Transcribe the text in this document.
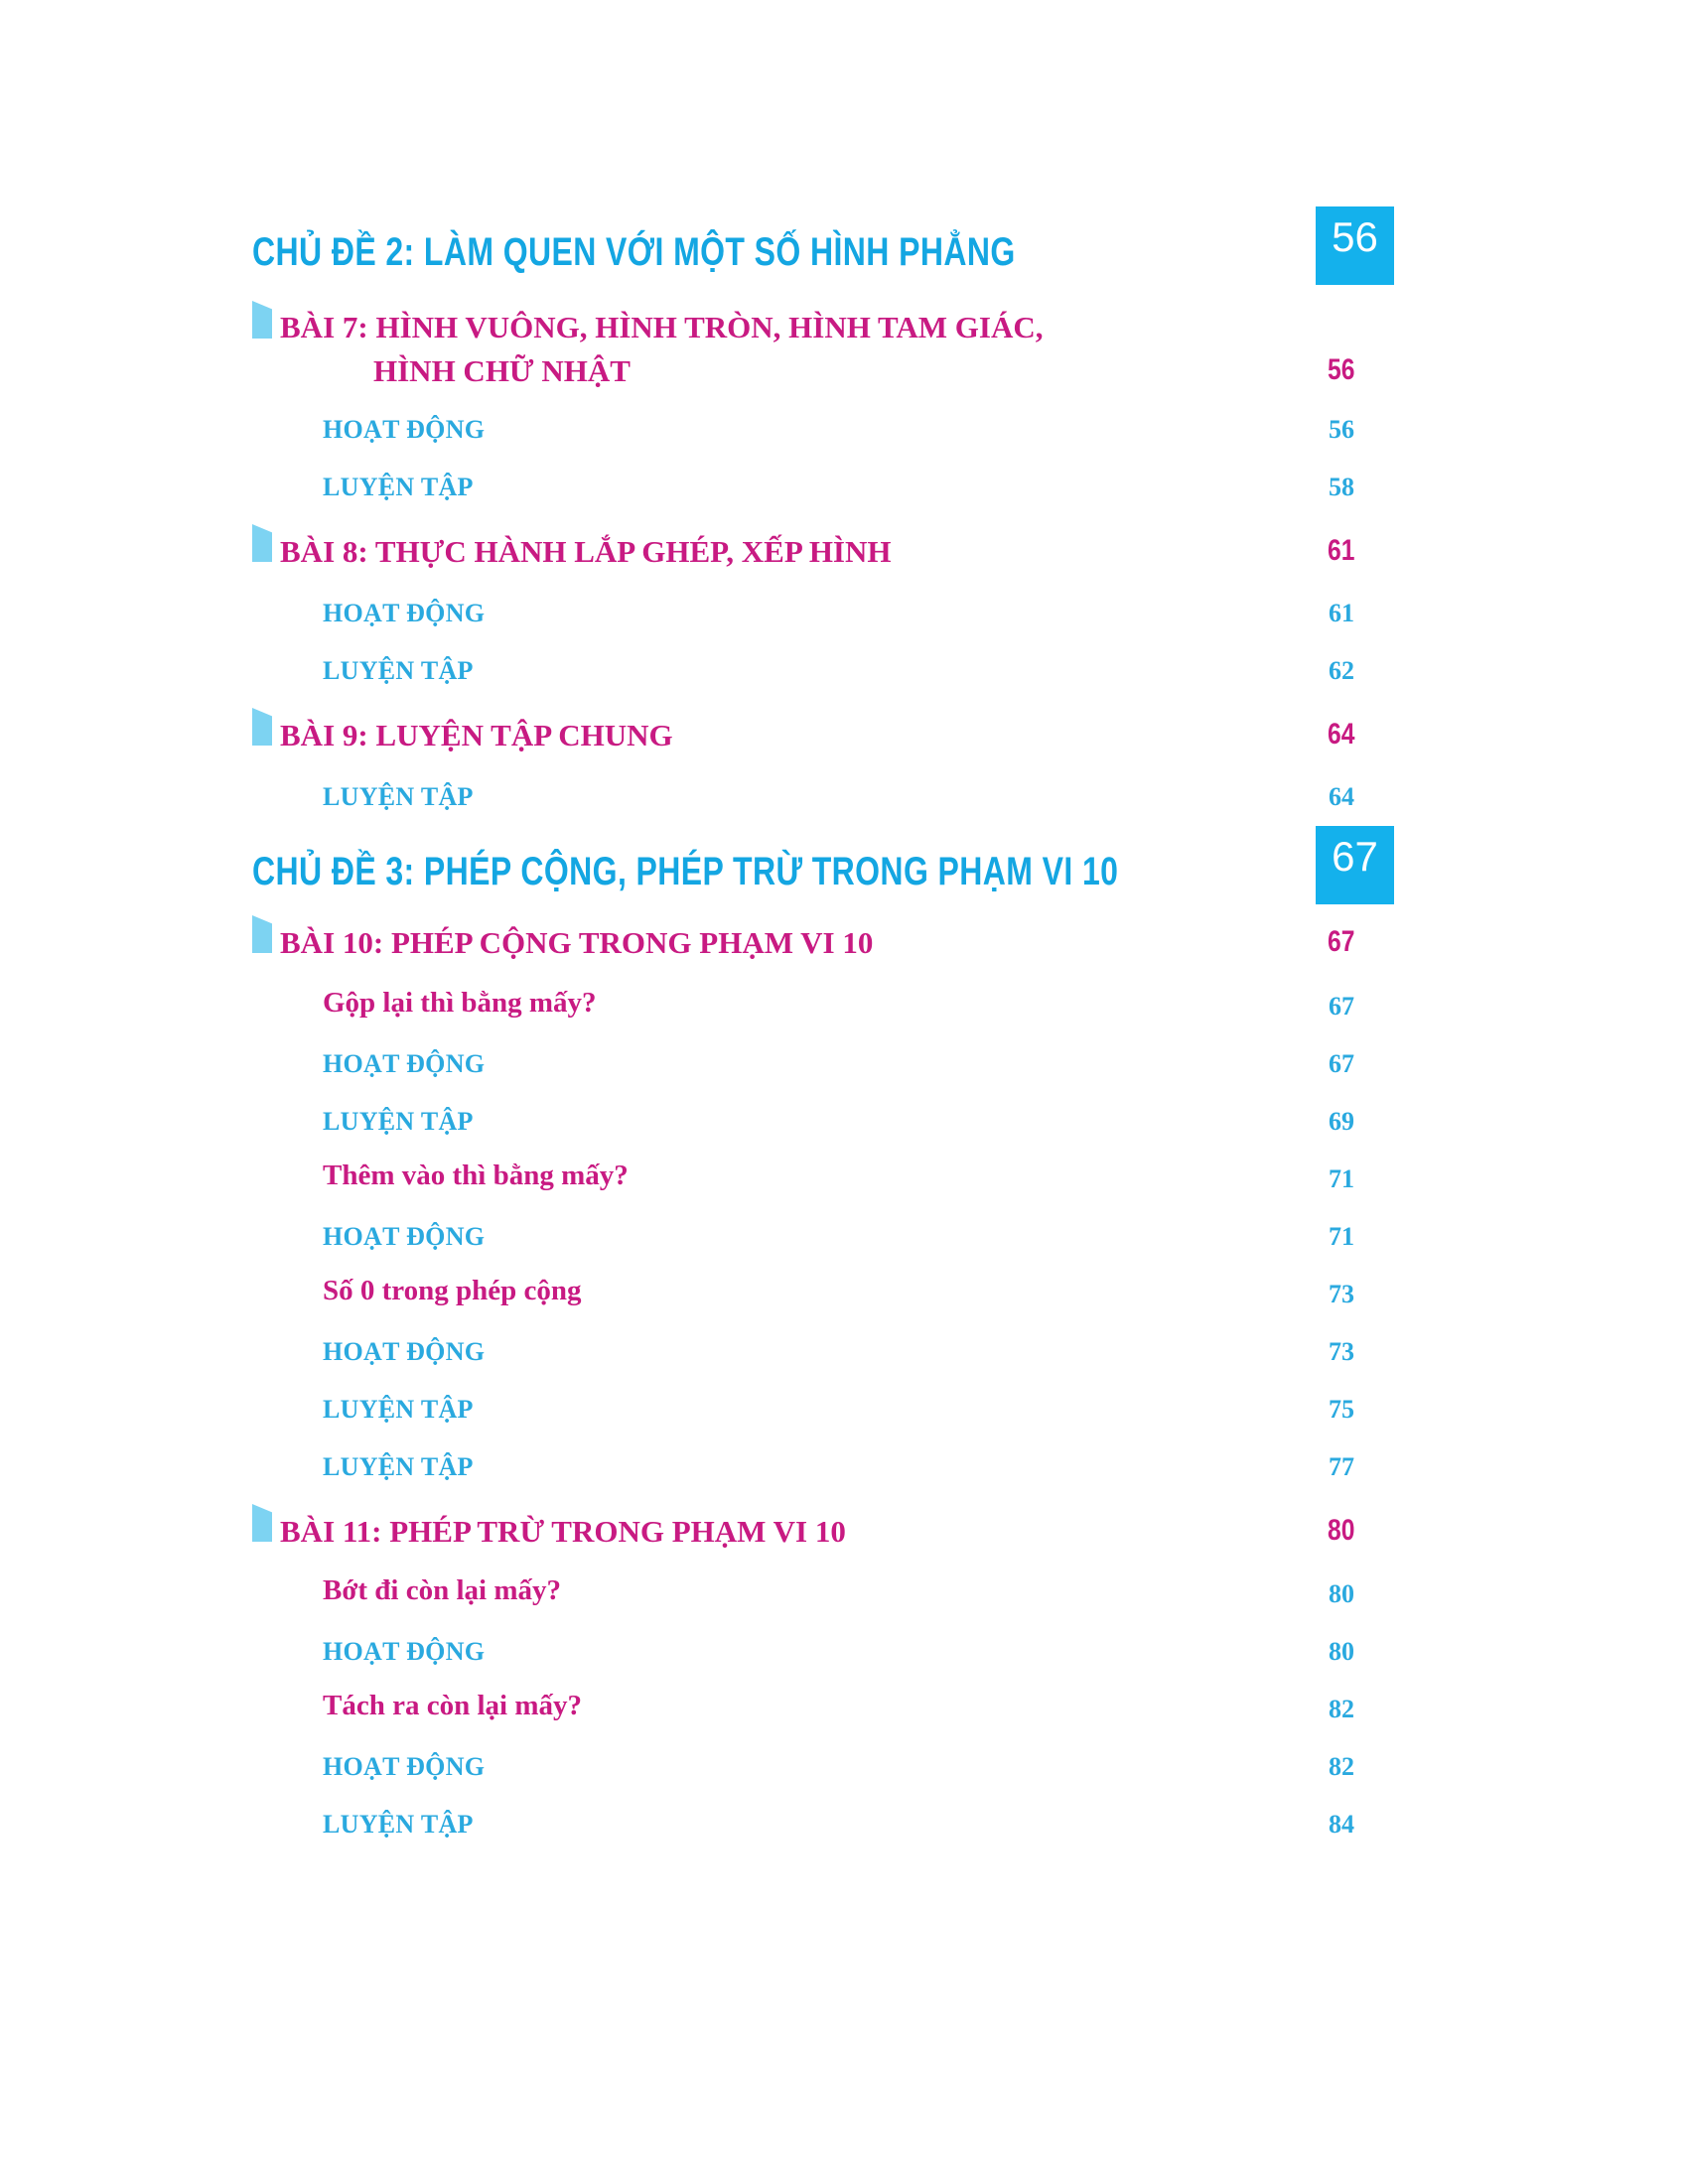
CHỦ ĐỀ 2: LÀM QUEN VỚI MỘT SỐ HÌNH PHẲNG	56
BÀI 7: HÌNH VUÔNG, HÌNH TRÒN, HÌNH TAM GIÁC,
HÌNH CHỮ NHẬT	56
HOẠT ĐỘNG	56
LUYỆN TẬP	58
BÀI 8: THỰC HÀNH LẮP GHÉP, XẾP HÌNH	61
HOẠT ĐỘNG	61
LUYỆN TẬP	62
BÀI 9: LUYỆN TẬP CHUNG	64
LUYỆN TẬP	64
CHỦ ĐỀ 3: PHÉP CỘNG, PHÉP TRỪ TRONG PHẠM VI 10	67
BÀI 10: PHÉP CỘNG TRONG PHẠM VI 10	67
Gộp lại thì bằng mấy?	67
HOẠT ĐỘNG	67
LUYỆN TẬP	69
Thêm vào thì bằng mấy?	71
HOẠT ĐỘNG	71
Số 0 trong phép cộng	73
HOẠT ĐỘNG	73
LUYỆN TẬP	75
LUYỆN TẬP	77
BÀI 11: PHÉP TRỪ TRONG PHẠM VI 10	80
Bớt đi còn lại mấy?	80
HOẠT ĐỘNG	80
Tách ra còn lại mấy?	82
HOẠT ĐỘNG	82
LUYỆN TẬP	84
